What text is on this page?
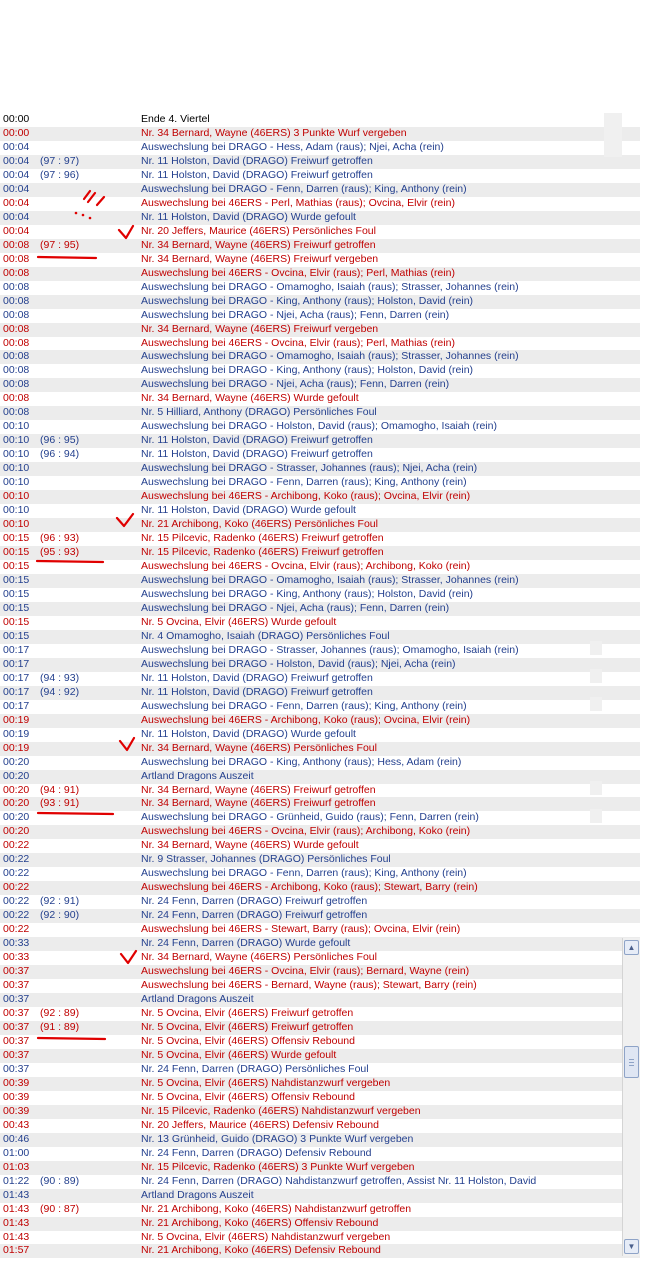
00:00	Ende 4. Viertel
00:00	Nr. 34 Bernard, Wayne (46ERS) 3 Punkte Wurf vergeben
00:04	Auswechslung bei DRAGO - Hess, Adam (raus); Njei, Acha (rein)
00:04 (97 : 97)	Nr. 11 Holston, David (DRAGO) Freiwurf getroffen
00:04 (97 : 96)	Nr. 11 Holston, David (DRAGO) Freiwurf getroffen
00:04	Auswechslung bei DRAGO - Fenn, Darren (raus); King, Anthony (rein)
00:04	Auswechslung bei 46ERS - Perl, Mathias (raus); Ovcina, Elvir (rein)
00:04	Nr. 11 Holston, David (DRAGO) Wurde gefoult
00:04	Nr. 20 Jeffers, Maurice (46ERS) Persönliches Foul
00:08 (97 : 95)	Nr. 34 Bernard, Wayne (46ERS) Freiwurf getroffen
00:08	Nr. 34 Bernard, Wayne (46ERS) Freiwurf vergeben
00:08	Auswechslung bei 46ERS - Ovcina, Elvir (raus); Perl, Mathias (rein)
00:08	Auswechslung bei DRAGO - Omamogho, Isaiah (raus); Strasser, Johannes (rein)
00:08	Auswechslung bei DRAGO - King, Anthony (raus); Holston, David (rein)
00:08	Auswechslung bei DRAGO - Njei, Acha (raus); Fenn, Darren (rein)
00:08	Nr. 34 Bernard, Wayne (46ERS) Freiwurf vergeben
00:08	Auswechslung bei 46ERS - Ovcina, Elvir (raus); Perl, Mathias (rein)
00:08	Auswechslung bei DRAGO - Omamogho, Isaiah (raus); Strasser, Johannes (rein)
00:08	Auswechslung bei DRAGO - King, Anthony (raus); Holston, David (rein)
00:08	Auswechslung bei DRAGO - Njei, Acha (raus); Fenn, Darren (rein)
00:08	Nr. 34 Bernard, Wayne (46ERS) Wurde gefoult
00:08	Nr. 5 Hilliard, Anthony (DRAGO) Persönliches Foul
00:10	Auswechslung bei DRAGO - Holston, David (raus); Omamogho, Isaiah (rein)
00:10 (96 : 95)	Nr. 11 Holston, David (DRAGO) Freiwurf getroffen
00:10 (96 : 94)	Nr. 11 Holston, David (DRAGO) Freiwurf getroffen
00:10	Auswechslung bei DRAGO - Strasser, Johannes (raus); Njei, Acha (rein)
00:10	Auswechslung bei DRAGO - Fenn, Darren (raus); King, Anthony (rein)
00:10	Auswechslung bei 46ERS - Archibong, Koko (raus); Ovcina, Elvir (rein)
00:10	Nr. 11 Holston, David (DRAGO) Wurde gefoult
00:10	Nr. 21 Archibong, Koko (46ERS) Persönliches Foul
00:15 (96 : 93)	Nr. 15 Pilcevic, Radenko (46ERS) Freiwurf getroffen
00:15 (95 : 93)	Nr. 15 Pilcevic, Radenko (46ERS) Freiwurf getroffen
00:15	Auswechslung bei 46ERS - Ovcina, Elvir (raus); Archibong, Koko (rein)
00:15	Auswechslung bei DRAGO - Omamogho, Isaiah (raus); Strasser, Johannes (rein)
00:15	Auswechslung bei DRAGO - King, Anthony (raus); Holston, David (rein)
00:15	Auswechslung bei DRAGO - Njei, Acha (raus); Fenn, Darren (rein)
00:15	Nr. 5 Ovcina, Elvir (46ERS) Wurde gefoult
00:15	Nr. 4 Omamogho, Isaiah (DRAGO) Persönliches Foul
00:17	Auswechslung bei DRAGO - Strasser, Johannes (raus); Omamogho, Isaiah (rein)
00:17	Auswechslung bei DRAGO - Holston, David (raus); Njei, Acha (rein)
00:17 (94 : 93)	Nr. 11 Holston, David (DRAGO) Freiwurf getroffen
00:17 (94 : 92)	Nr. 11 Holston, David (DRAGO) Freiwurf getroffen
00:17	Auswechslung bei DRAGO - Fenn, Darren (raus); King, Anthony (rein)
00:19	Auswechslung bei 46ERS - Archibong, Koko (raus); Ovcina, Elvir (rein)
00:19	Nr. 11 Holston, David (DRAGO) Wurde gefoult
00:19	Nr. 34 Bernard, Wayne (46ERS) Persönliches Foul
00:20	Auswechslung bei DRAGO - King, Anthony (raus); Hess, Adam (rein)
00:20	Artland Dragons Auszeit
00:20 (94 : 91)	Nr. 34 Bernard, Wayne (46ERS) Freiwurf getroffen
00:20 (93 : 91)	Nr. 34 Bernard, Wayne (46ERS) Freiwurf getroffen
00:20	Auswechslung bei DRAGO - Grünheid, Guido (raus); Fenn, Darren (rein)
00:20	Auswechslung bei 46ERS - Ovcina, Elvir (raus); Archibong, Koko (rein)
00:22	Nr. 34 Bernard, Wayne (46ERS) Wurde gefoult
00:22	Nr. 9 Strasser, Johannes (DRAGO) Persönliches Foul
00:22	Auswechslung bei DRAGO - Fenn, Darren (raus); King, Anthony (rein)
00:22	Auswechslung bei 46ERS - Archibong, Koko (raus); Stewart, Barry (rein)
00:22 (92 : 91)	Nr. 24 Fenn, Darren (DRAGO) Freiwurf getroffen
00:22 (92 : 90)	Nr. 24 Fenn, Darren (DRAGO) Freiwurf getroffen
00:22	Auswechslung bei 46ERS - Stewart, Barry (raus); Ovcina, Elvir (rein)
00:33	Nr. 24 Fenn, Darren (DRAGO) Wurde gefoult
00:33	Nr. 34 Bernard, Wayne (46ERS) Persönliches Foul
00:37	Auswechslung bei 46ERS - Ovcina, Elvir (raus); Bernard, Wayne (rein)
00:37	Auswechslung bei 46ERS - Bernard, Wayne (raus); Stewart, Barry (rein)
00:37	Artland Dragons Auszeit
00:37 (92 : 89)	Nr. 5 Ovcina, Elvir (46ERS) Freiwurf getroffen
00:37 (91 : 89)	Nr. 5 Ovcina, Elvir (46ERS) Freiwurf getroffen
00:37	Nr. 5 Ovcina, Elvir (46ERS) Offensiv Rebound
00:37	Nr. 5 Ovcina, Elvir (46ERS) Wurde gefoult
00:37	Nr. 24 Fenn, Darren (DRAGO) Persönliches Foul
00:39	Nr. 5 Ovcina, Elvir (46ERS) Nahdistanzwurf vergeben
00:39	Nr. 5 Ovcina, Elvir (46ERS) Offensiv Rebound
00:39	Nr. 15 Pilcevic, Radenko (46ERS) Nahdistanzwurf vergeben
00:43	Nr. 20 Jeffers, Maurice (46ERS) Defensiv Rebound
00:46	Nr. 13 Grünheid, Guido (DRAGO) 3 Punkte Wurf vergeben
01:00	Nr. 24 Fenn, Darren (DRAGO) Defensiv Rebound
01:03	Nr. 15 Pilcevic, Radenko (46ERS) 3 Punkte Wurf vergeben
01:22 (90 : 89)	Nr. 24 Fenn, Darren (DRAGO) Nahdistanzwurf getroffen, Assist Nr. 11 Holston, David
01:43	Artland Dragons Auszeit
01:43 (90 : 87)	Nr. 21 Archibong, Koko (46ERS) Nahdistanzwurf getroffen
01:43	Nr. 21 Archibong, Koko (46ERS) Offensiv Rebound
01:43	Nr. 5 Ovcina, Elvir (46ERS) Nahdistanzwurf vergeben
01:57	Nr. 21 Archibong, Koko (46ERS) Defensiv Rebound
▲
▼
